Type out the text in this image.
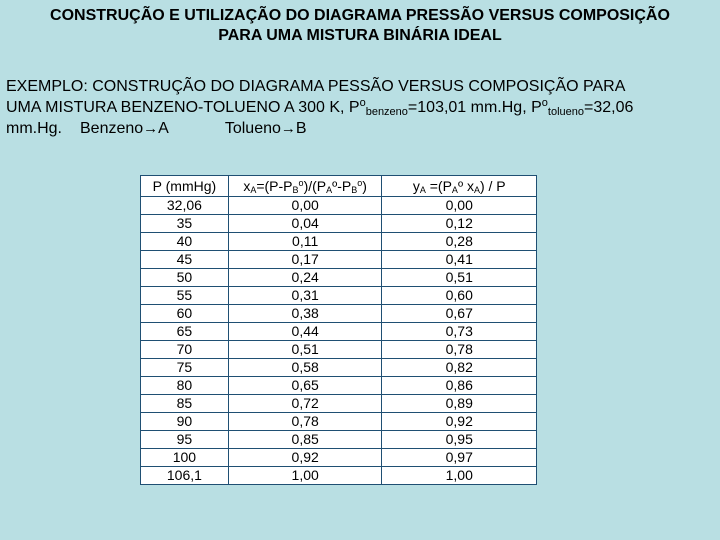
CONSTRUÇÃO E UTILIZAÇÃO DO DIAGRAMA PRESSÃO VERSUS COMPOSIÇÃO
PARA UMA MISTURA BINÁRIA IDEAL
EXEMPLO: CONSTRUÇÃO DO DIAGRAMA PESSÃO VERSUS COMPOSIÇÃO PARA
UMA MISTURA BENZENO-TOLUENO A 300 K, $P^o_{benzeno}=103,01$ mm.Hg, $P^o_{tolueno}=32,06$
mm.Hg. Benzeno→A	Tolueno→B
P (mmHg)	$x_A=(P-P_B^o)/(P_Aº-P_B^o)$	$y_A$ $=(P_Aº$ $x_A$) / P
32,06	0,00	0,00
35	0,04	0,12
40	0,11	0,28
45	0,17	0,41
50	0,24	0,51
55	0,31	0,60
60	0,38	0,67
65	0,44	0,73
70	0,51	0,78
75	0,58	0,82
80	0,65	0,86
85	0,72	0,89
90	0,78	0,92
95	0,85	0,95
100	0,92	0,97
106,1	1,00	1,00
